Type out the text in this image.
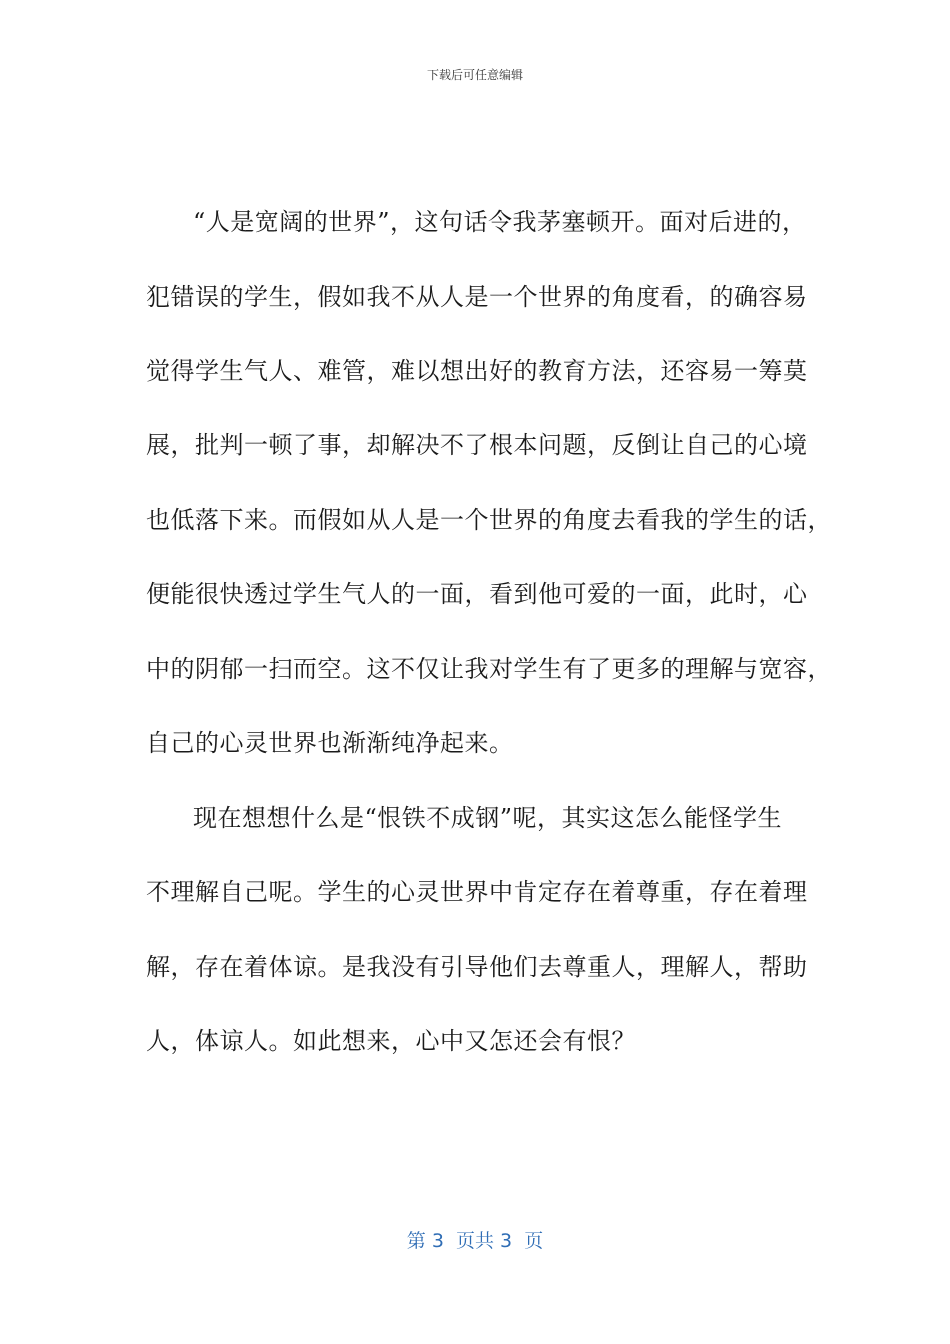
下载后可任意编辑
“人是宽阔的世界”，这句话令我茅塞顿开。面对后进的，
犯错误的学生，假如我不从人是一个世界的角度看，的确容易
觉得学生气人、难管，难以想出好的教育方法，还容易一筹莫
展，批判一顿了事，却解决不了根本问题，反倒让自己的心境
也低落下来。而假如从人是一个世界的角度去看我的学生的话，
便能很快透过学生气人的一面，看到他可爱的一面，此时，心
中的阴郁一扫而空。这不仅让我对学生有了更多的理解与宽容，
自己的心灵世界也渐渐纯净起来。
现在想想什么是“恨铁不成钢”呢，其实这怎么能怪学生
不理解自己呢。学生的心灵世界中肯定存在着尊重，存在着理
解，存在着体谅。是我没有引导他们去尊重人，理解人，帮助
人，体谅人。如此想来，心中又怎还会有恨？
第 3  页共 3  页
